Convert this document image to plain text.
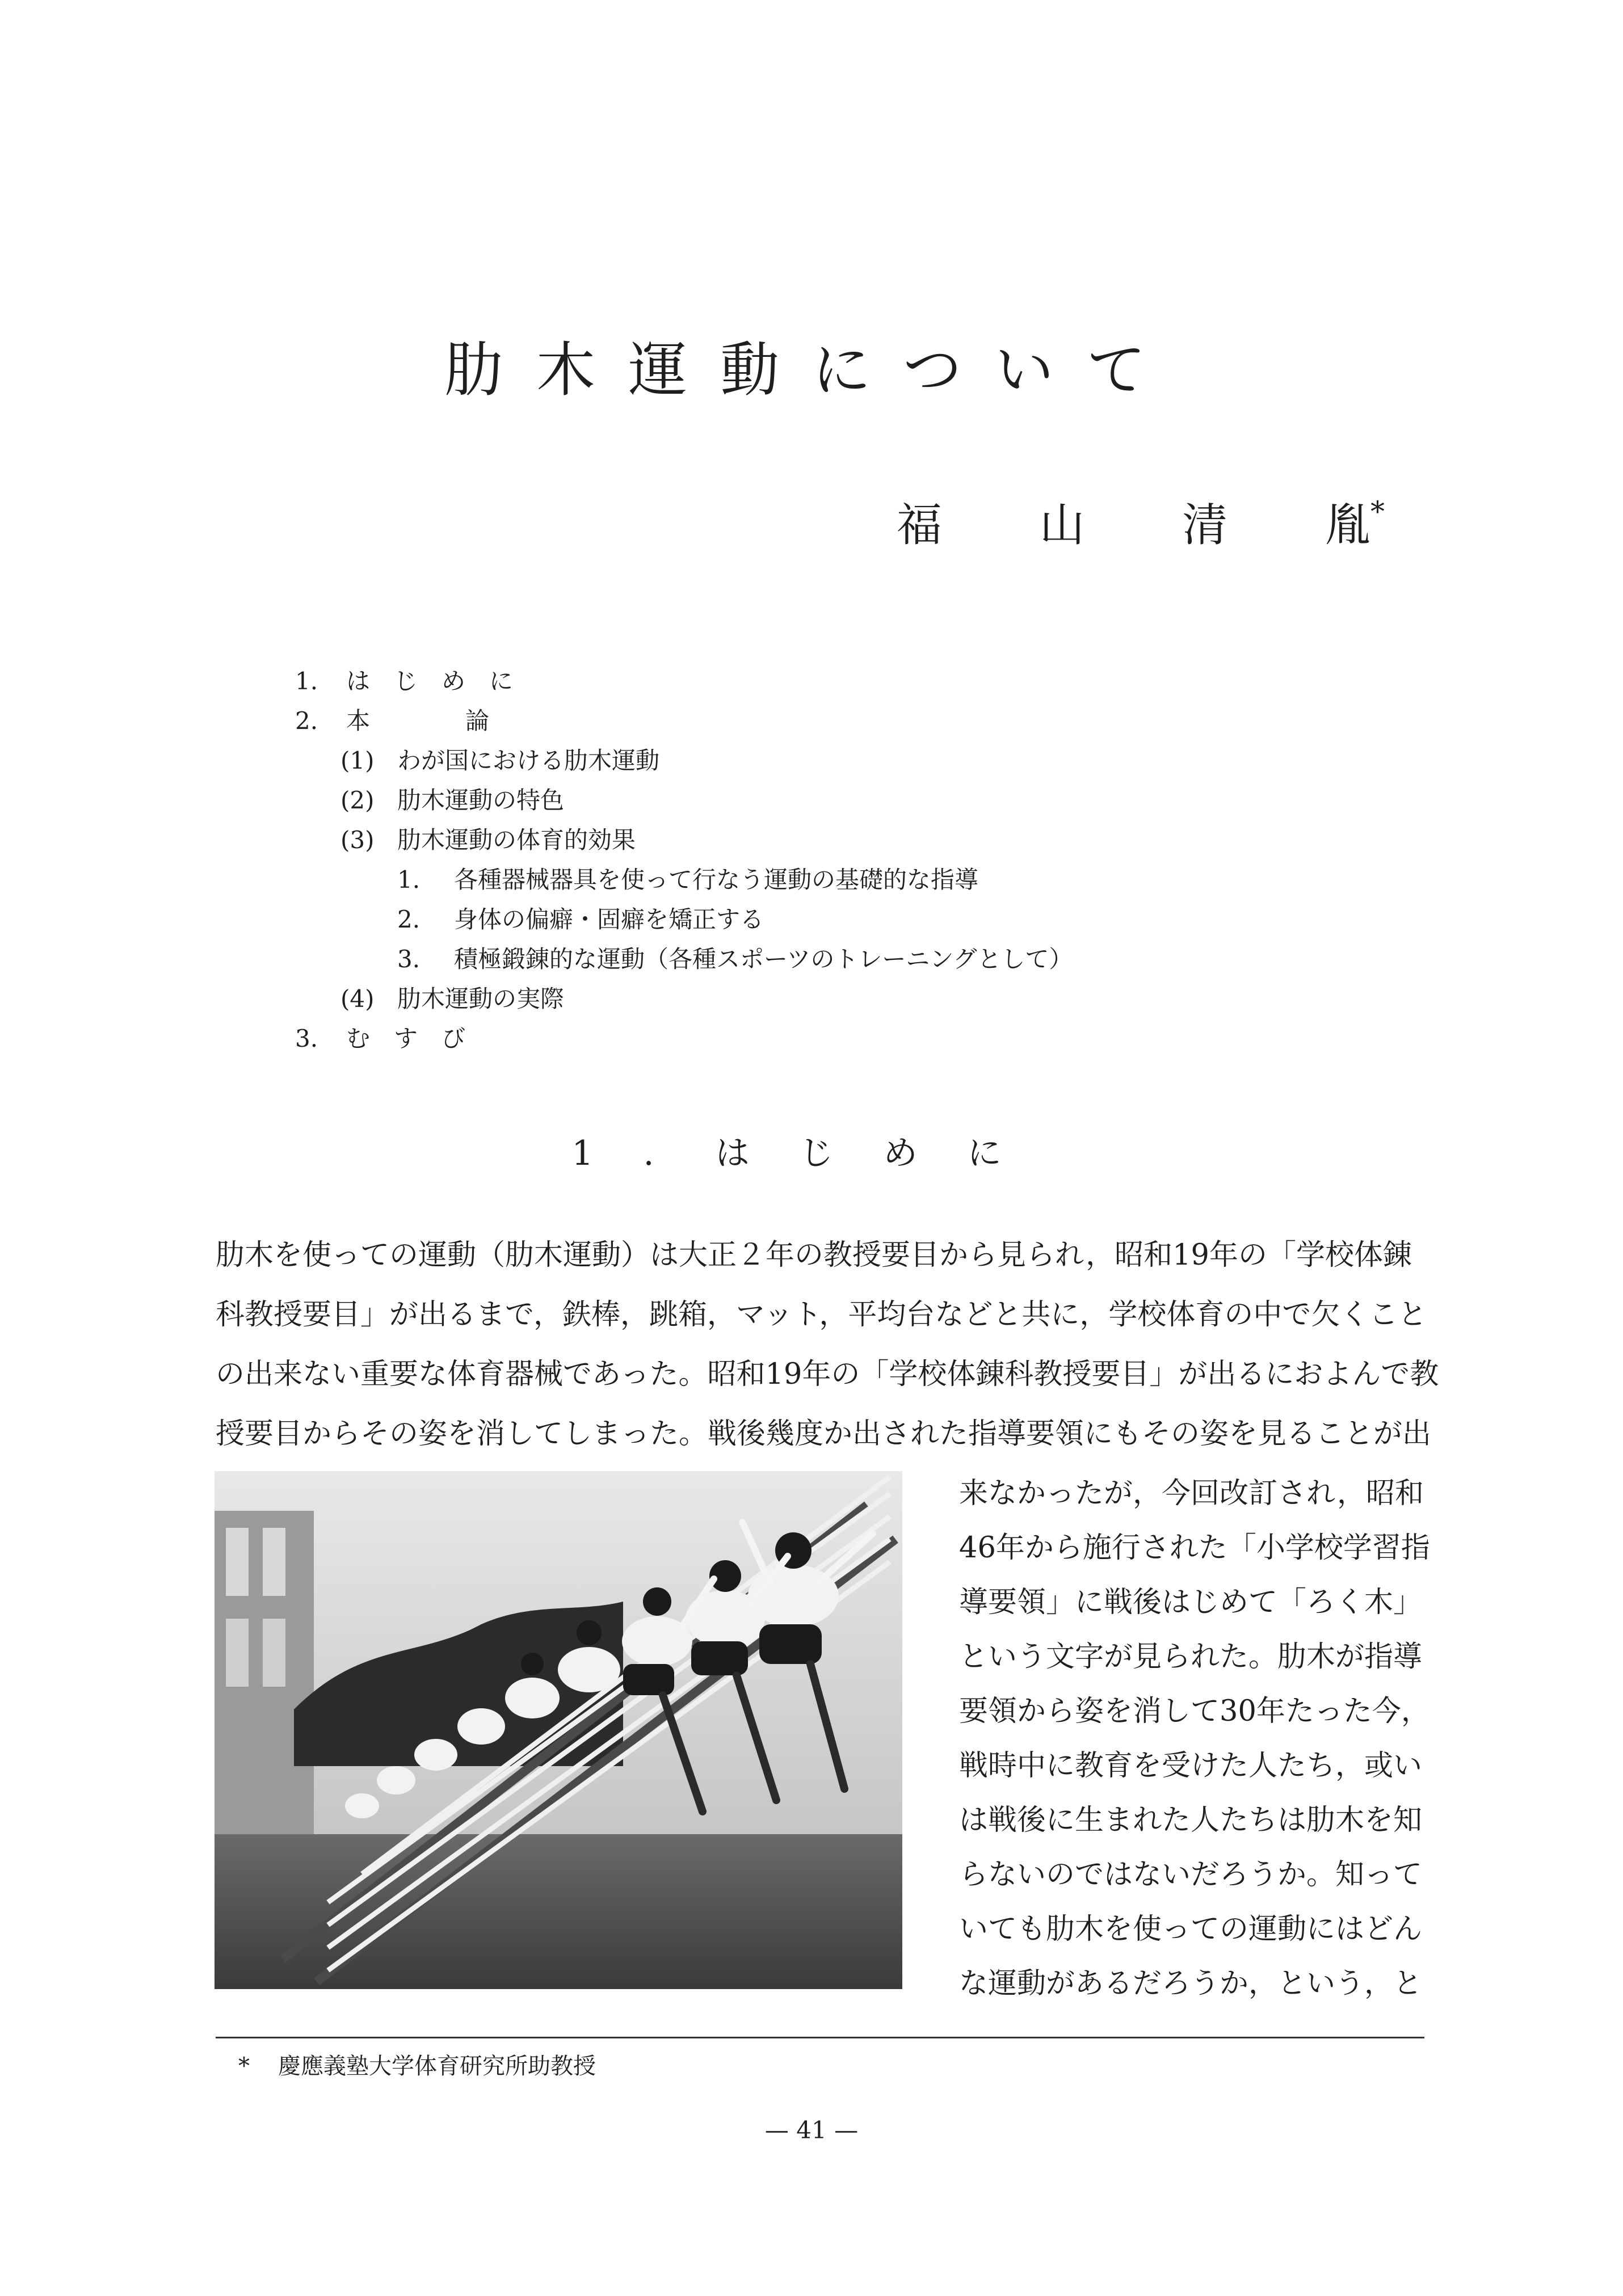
肋木運動について
福 山 清 胤*
1. は　じ　め　に
2. 本　　　　論
(1) わが国における肋木運動
(2) 肋木運動の特色
(3) 肋木運動の体育的効果
1. 各種器械器具を使って行なう運動の基礎的な指導
2. 身体の偏癖・固癖を矯正する
3. 積極鍛錬的な運動（各種スポーツのトレーニングとして）
(4) 肋木運動の実際
3. む　す　び
1. はじめに
肋木を使っての運動（肋木運動）は大正２年の教授要目から見られ，昭和19年の「学校体錬
科教授要目」が出るまで，鉄棒，跳箱，マット，平均台などと共に，学校体育の中で欠くこと
の出来ない重要な体育器械であった。昭和19年の「学校体錬科教授要目」が出るにおよんで教
授要目からその姿を消してしまった。戦後幾度か出された指導要領にもその姿を見ることが出
来なかったが，今回改訂され，昭和
46年から施行された「小学校学習指
導要領」に戦後はじめて「ろく木」
という文字が見られた。肋木が指導
要領から姿を消して30年たった今，
戦時中に教育を受けた人たち，或い
は戦後に生まれた人たちは肋木を知
らないのではないだろうか。知って
いても肋木を使っての運動にはどん
な運動があるだろうか，という，と
* 慶應義塾大学体育研究所助教授
— 41 —
